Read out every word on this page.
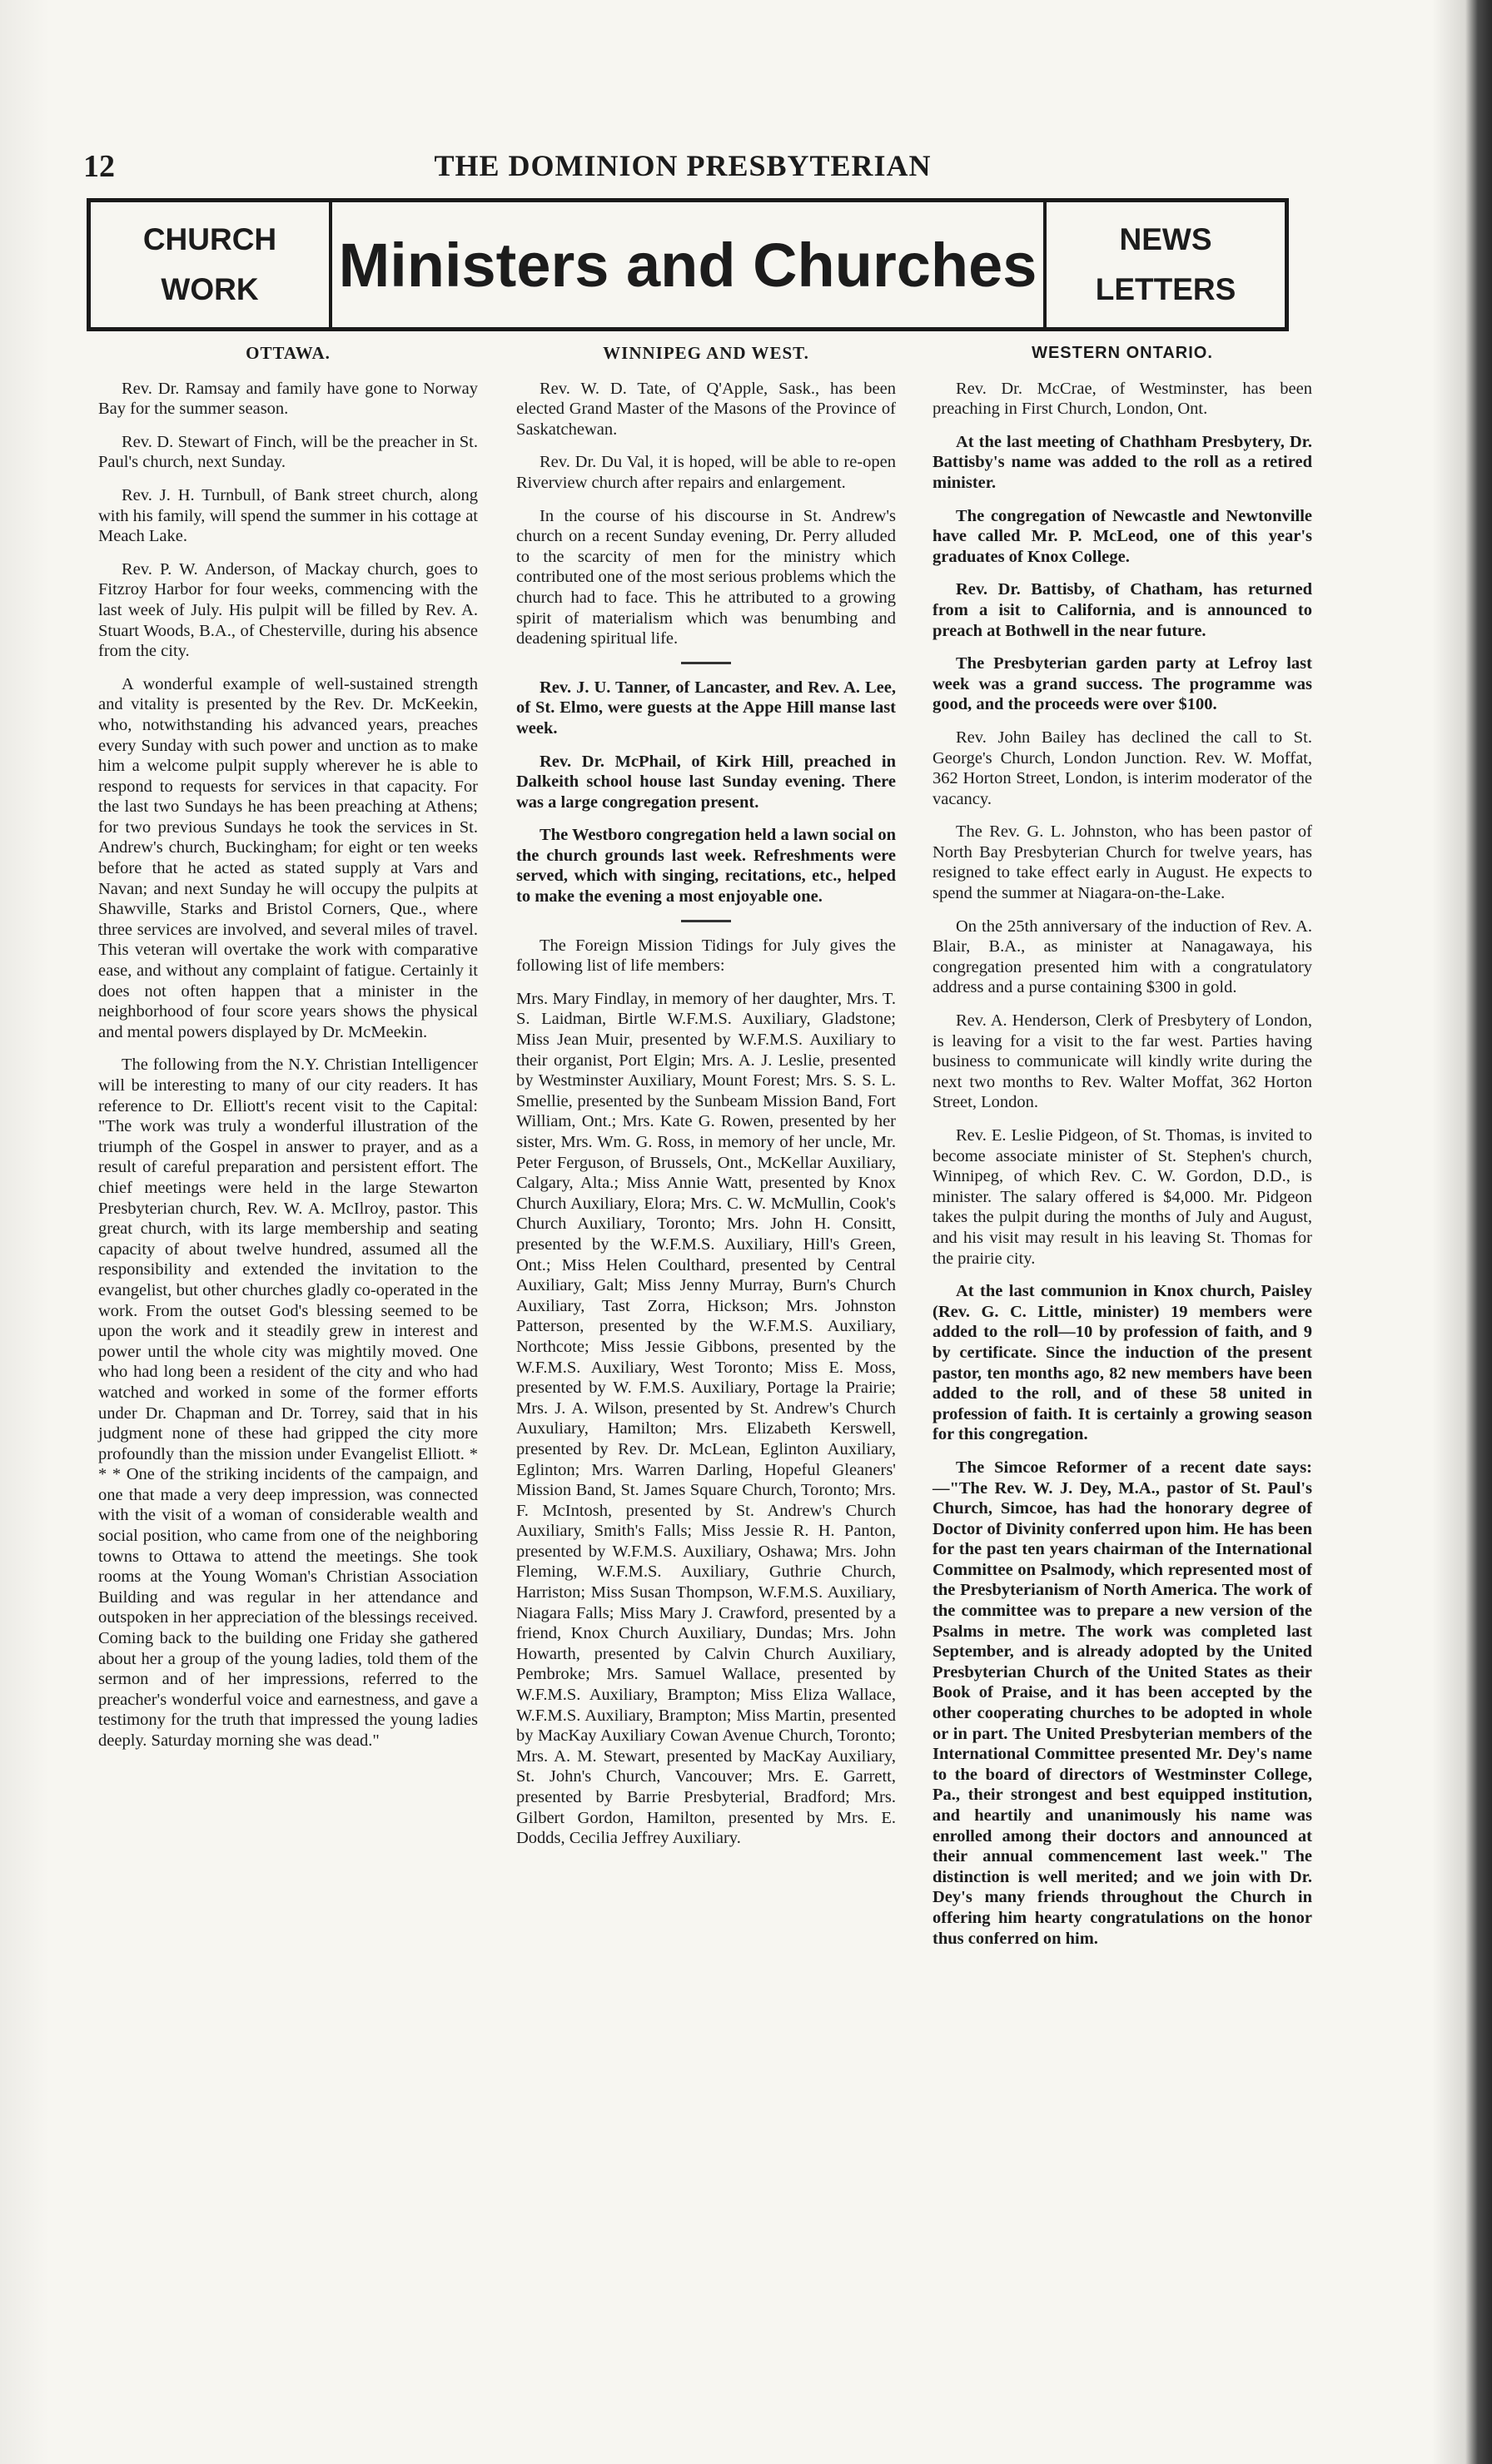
12	THE DOMINION PRESBYTERIAN
CHURCH
WORK Ministers and Churches	NEWS
LETTERS
OTTAWA.

Rev. Dr. Ramsay and family have gone to Norway Bay for the summer season.

Rev. D. Stewart of Finch, will be the preacher in St. Paul's church, next Sunday.

Rev. J. H. Turnbull, of Bank street church, along with his family, will spend the summer in his cottage at Meach Lake.

Rev. P. W. Anderson, of Mackay church, goes to Fitzroy Harbor for four weeks, commencing with the last week of July. His pulpit will be filled by Rev. A. Stuart Woods, B.A., of Chesterville, during his absence from the city.

A wonderful example of well-sustained strength and vitality is presented by the Rev. Dr. McKeekin, who, notwithstanding his advanced years, preaches every Sunday with such power and unction as to make him a welcome pulpit supply wherever he is able to respond to requests for services in that capacity. For the last two Sundays he has been preaching at Athens; for two previous Sundays he took the services in St. Andrew's church, Buckingham; for eight or ten weeks before that he acted as stated supply at Vars and Navan; and next Sunday he will occupy the pulpits at Shawville, Starks and Bristol Corners, Que., where three services are involved, and several miles of travel. This veteran will overtake the work with comparative ease, and without any complaint of fatigue. Certainly it does not often happen that a minister in the neighborhood of four score years shows the physical and mental powers displayed by Dr. McMeekin.

The following from the N.Y. Christian Intelligencer will be interesting to many of our city readers. It has reference to Dr. Elliott's recent visit to the Capital: "The work was truly a wonderful illustration of the triumph of the Gospel in answer to prayer, and as a result of careful preparation and persistent effort. The chief meetings were held in the large Stewarton Presbyterian church, Rev. W. A. McIlroy, pastor. This great church, with its large membership and seating capacity of about twelve hundred, assumed all the responsibility and extended the invitation to the evangelist, but other churches gladly co-operated in the work. From the outset God's blessing seemed to be upon the work and it steadily grew in interest and power until the whole city was mightily moved. One who had long been a resident of the city and who had watched and worked in some of the former efforts under Dr. Chapman and Dr. Torrey, said that in his judgment none of these had gripped the city more profoundly than the mission under Evangelist Elliott. * * * One of the striking incidents of the campaign, and one that made a very deep impression, was connected with the visit of a woman of considerable wealth and social position, who came from one of the neighboring towns to Ottawa to attend the meetings. She took rooms at the Young Woman's Christian Association Building and was regular in her attendance and outspoken in her appreciation of the blessings received. Coming back to the building one Friday she gathered about her a group of the young ladies, told them of the sermon and of her impressions, referred to the preacher's wonderful voice and earnestness, and gave a testimony for the truth that impressed the young ladies deeply. Saturday morning she was dead."

WINNIPEG AND WEST.

Rev. W. D. Tate, of Q'Apple, Sask., has been elected Grand Master of the Masons of the Province of Saskatchewan.

Rev. Dr. Du Val, it is hoped, will be able to re-open Riverview church after repairs and enlargement.

In the course of his discourse in St. Andrew's church on a recent Sunday evening, Dr. Perry alluded to the scarcity of men for the ministry which contributed one of the most serious problems which the church had to face. This he attributed to a growing spirit of materialism which was benumbing and deadening spiritual life.

Rev. J. U. Tanner, of Lancaster, and Rev. A. Lee, of St. Elmo, were guests at the Appe Hill manse last week.

Rev. Dr. McPhail, of Kirk Hill, preached in Dalkeith school house last Sunday evening. There was a large congregation present.

The Westboro congregation held a lawn social on the church grounds last week. Refreshments were served, which with singing, recitations, etc., helped to make the evening a most enjoyable one.

The Foreign Mission Tidings for July gives the following list of life members:

Mrs. Mary Findlay, in memory of her daughter, Mrs. T. S. Laidman, Birtle W.F.M.S. Auxiliary, Gladstone; Miss Jean Muir, presented by W.F.M.S. Auxiliary to their organist, Port Elgin; Mrs. A. J. Leslie, presented by Westminster Auxiliary, Mount Forest; Mrs. S. S. L. Smellie, presented by the Sunbeam Mission Band, Fort William, Ont.; Mrs. Kate G. Rowen, presented by her sister, Mrs. Wm. G. Ross, in memory of her uncle, Mr. Peter Ferguson, of Brussels, Ont., McKellar Auxiliary, Calgary, Alta.; Miss Annie Watt, presented by Knox Church Auxiliary, Elora; Mrs. C. W. McMullin, Cook's Church Auxiliary, Toronto; Mrs. John H. Consitt, presented by the W.F.M.S. Auxiliary, Hill's Green, Ont.; Miss Helen Coulthard, presented by Central Auxiliary, Galt; Miss Jenny Murray, Burn's Church Auxiliary, Tast Zorra, Hickson; Mrs. Johnston Patterson, presented by the W.F.M.S. Auxiliary, Northcote; Miss Jessie Gibbons, presented by the W.F.M.S. Auxiliary, West Toronto; Miss E. Moss, presented by W. F.M.S. Auxiliary, Portage la Prairie; Mrs. J. A. Wilson, presented by St. Andrew's Church Auxuliary, Hamilton; Mrs. Elizabeth Kerswell, presented by Rev. Dr. McLean, Eglinton Auxiliary, Eglinton; Mrs. Warren Darling, Hopeful Gleaners' Mission Band, St. James Square Church, Toronto; Mrs. F. McIntosh, presented by St. Andrew's Church Auxiliary, Smith's Falls; Miss Jessie R. H. Panton, presented by W.F.M.S. Auxiliary, Oshawa; Mrs. John Fleming, W.F.M.S. Auxiliary, Guthrie Church, Harriston; Miss Susan Thompson, W.F.M.S. Auxiliary, Niagara Falls; Miss Mary J. Crawford, presented by a friend, Knox Church Auxiliary, Dundas; Mrs. John Howarth, presented by Calvin Church Auxiliary, Pembroke; Mrs. Samuel Wallace, presented by W.F.M.S. Auxiliary, Brampton; Miss Eliza Wallace, W.F.M.S. Auxiliary, Brampton; Miss Martin, presented by MacKay Auxiliary Cowan Avenue Church, Toronto; Mrs. A. M. Stewart, presented by MacKay Auxiliary, St. John's Church, Vancouver; Mrs. E. Garrett, presented by Barrie Presbyterial, Bradford; Mrs. Gilbert Gordon, Hamilton, presented by Mrs. E. Dodds, Cecilia Jeffrey Auxiliary.

WESTERN ONTARIO.

Rev. Dr. McCrae, of Westminster, has been preaching in First Church, London, Ont.

At the last meeting of Chathham Presbytery, Dr. Battisby's name was added to the roll as a retired minister.

The congregation of Newcastle and Newtonville have called Mr. P. McLeod, one of this year's graduates of Knox College.

Rev. Dr. Battisby, of Chatham, has returned from a isit to California, and is announced to preach at Bothwell in the near future.

The Presbyterian garden party at Lefroy last week was a grand success. The programme was good, and the proceeds were over $100.

Rev. John Bailey has declined the call to St. George's Church, London Junction. Rev. W. Moffat, 362 Horton Street, London, is interim moderator of the vacancy.

The Rev. G. L. Johnston, who has been pastor of North Bay Presbyterian Church for twelve years, has resigned to take effect early in August. He expects to spend the summer at Niagara-on-the-Lake.

On the 25th anniversary of the induction of Rev. A. Blair, B.A., as minister at Nanagawaya, his congregation presented him with a congratulatory address and a purse containing $300 in gold.

Rev. A. Henderson, Clerk of Presbytery of London, is leaving for a visit to the far west. Parties having business to communicate will kindly write during the next two months to Rev. Walter Moffat, 362 Horton Street, London.

Rev. E. Leslie Pidgeon, of St. Thomas, is invited to become associate minister of St. Stephen's church, Winnipeg, of which Rev. C. W. Gordon, D.D., is minister. The salary offered is $4,000. Mr. Pidgeon takes the pulpit during the months of July and August, and his visit may result in his leaving St. Thomas for the prairie city.

At the last communion in Knox church, Paisley (Rev. G. C. Little, minister) 19 members were added to the roll—10 by profession of faith, and 9 by certificate. Since the induction of the present pastor, ten months ago, 82 new members have been added to the roll, and of these 58 united in profession of faith. It is certainly a growing season for this congregation.

The Simcoe Reformer of a recent date says:—"The Rev. W. J. Dey, M.A., pastor of St. Paul's Church, Simcoe, has had the honorary degree of Doctor of Divinity conferred upon him. He has been for the past ten years chairman of the International Committee on Psalmody, which represented most of the Presbyterianism of North America. The work of the committee was to prepare a new version of the Psalms in metre. The work was completed last September, and is already adopted by the United Presbyterian Church of the United States as their Book of Praise, and it has been accepted by the other cooperating churches to be adopted in whole or in part. The United Presbyterian members of the International Committee presented Mr. Dey's name to the board of directors of Westminster College, Pa., their strongest and best equipped institution, and heartily and unanimously his name was enrolled among their doctors and announced at their annual commencement last week." The distinction is well merited; and we join with Dr. Dey's many friends throughout the Church in offering him hearty congratulations on the honor thus conferred on him.
